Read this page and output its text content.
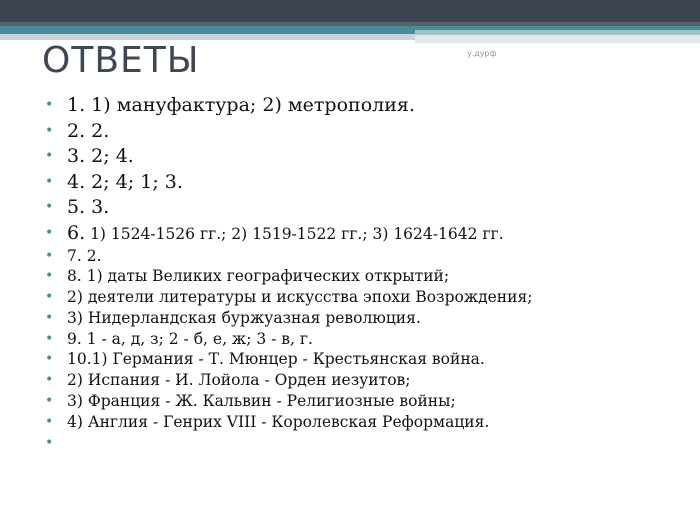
ОТВЕТЫ	у.дурф
• 1. 1) мануфактура; 2) метрополия.
• 2. 2.
• 3. 2; 4.
• 4. 2; 4; 1; 3.
• 5. 3.
• 6. 1) 1524-1526 гг.; 2) 1519-1522 гг.; 3) 1624-1642 гг.
• 7. 2.
• 8. 1) даты Великих географических открытий;
• 2) деятели литературы и искусства эпохи Возрождения;
• 3) Нидерландская буржуазная революция.
• 9. 1 - а, д, з; 2 - б, е, ж; 3 - в, г.
• 10.1) Германия - Т. Мюнцер - Крестьянская война.
• 2) Испания - И. Лойола - Орден иезуитов;
• 3) Франция - Ж. Кальвин - Религиозные войны;
• 4) Англия - Генрих VIII - Королевская Реформация.
•
